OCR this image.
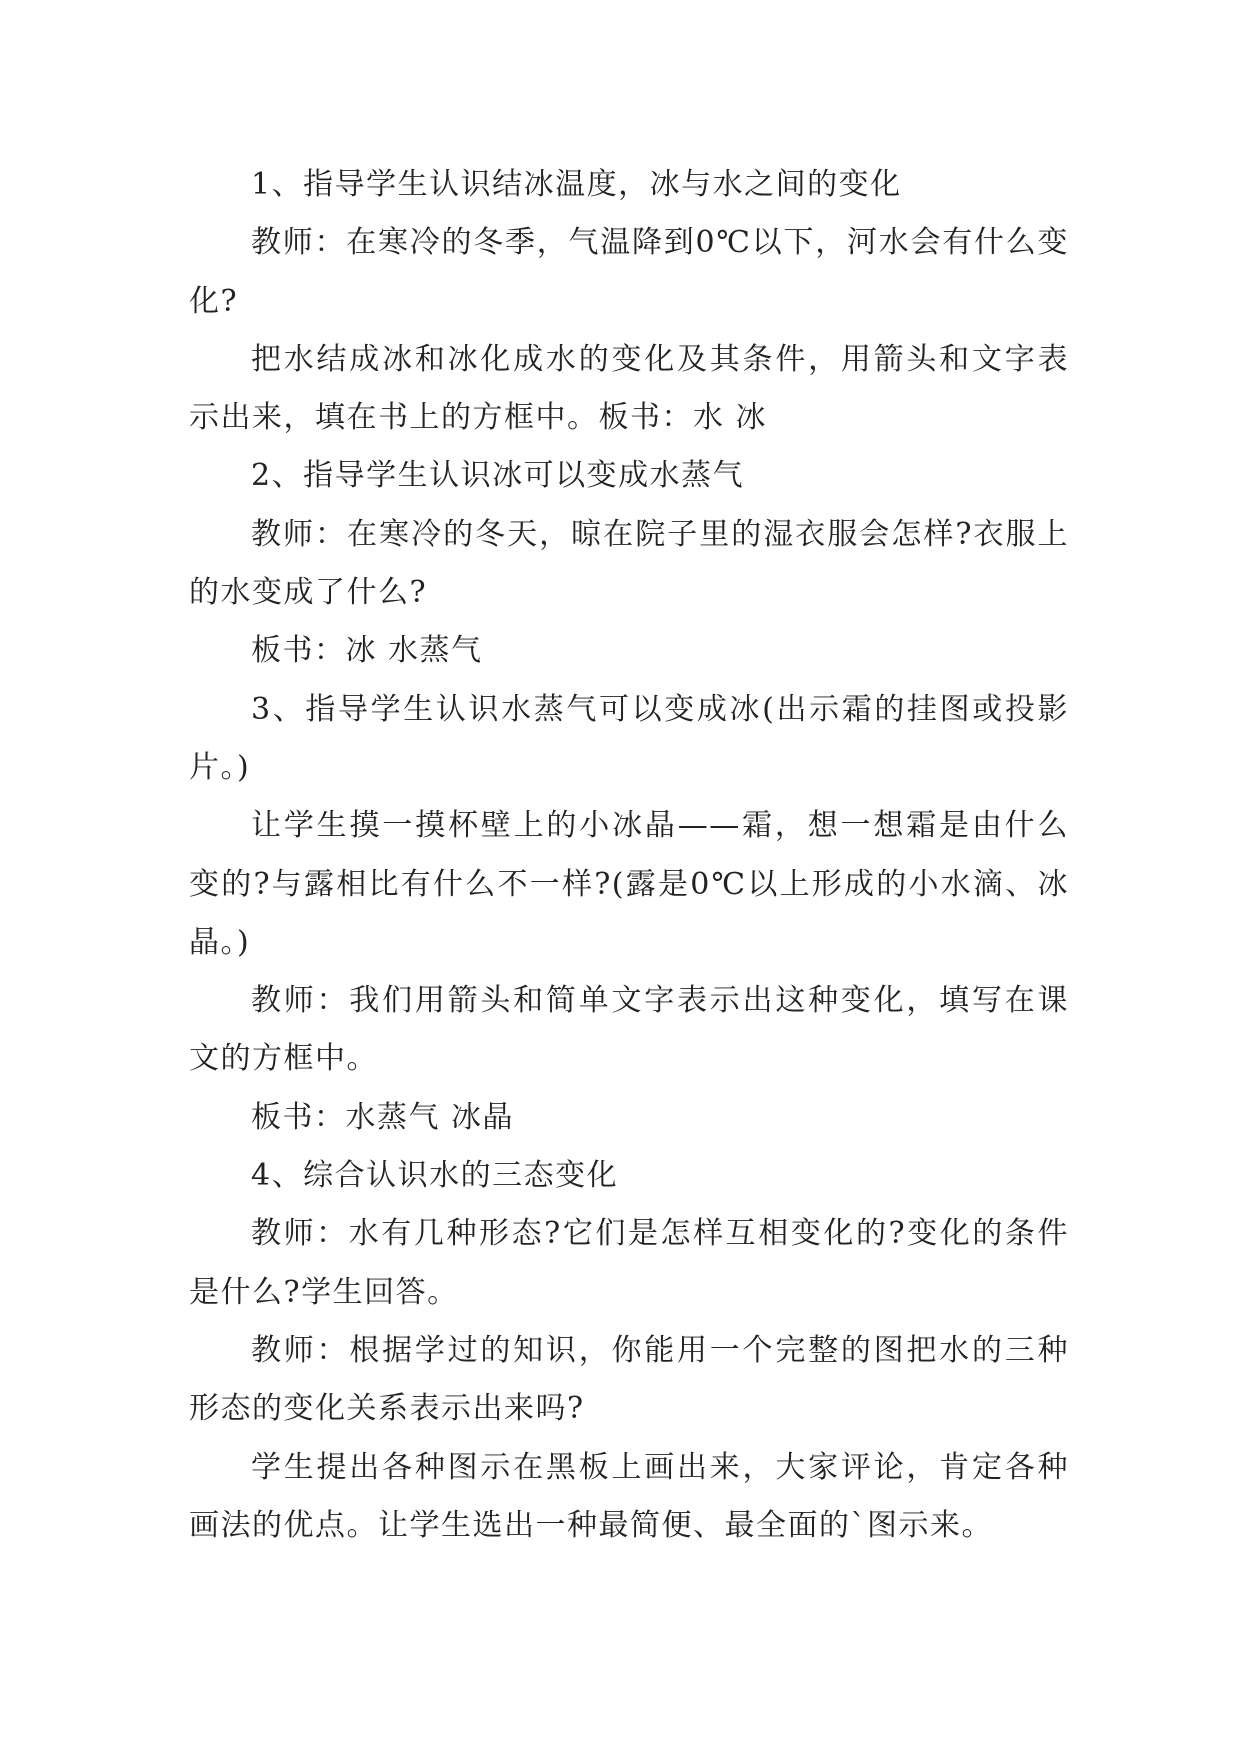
1、指导学生认识结冰温度，冰与水之间的变化

教师：在寒冷的冬季，气温降到0℃以下，河水会有什么变化?

把水结成冰和冰化成水的变化及其条件，用箭头和文字表示出来，填在书上的方框中。板书：水 冰

2、指导学生认识冰可以变成水蒸气

教师：在寒冷的冬天，晾在院子里的湿衣服会怎样?衣服上的水变成了什么?

板书：冰 水蒸气

3、指导学生认识水蒸气可以变成冰(出示霜的挂图或投影片。)

让学生摸一摸杯壁上的小冰晶——霜，想一想霜是由什么变的?与露相比有什么不一样?(露是0℃以上形成的小水滴、冰晶。)

教师：我们用箭头和简单文字表示出这种变化，填写在课文的方框中。

板书：水蒸气 冰晶

4、综合认识水的三态变化

教师：水有几种形态?它们是怎样互相变化的?变化的条件是什么?学生回答。

教师：根据学过的知识，你能用一个完整的图把水的三种形态的变化关系表示出来吗?

学生提出各种图示在黑板上画出来，大家评论，肯定各种画法的优点。让学生选出一种最简便、最全面的`图示来。
